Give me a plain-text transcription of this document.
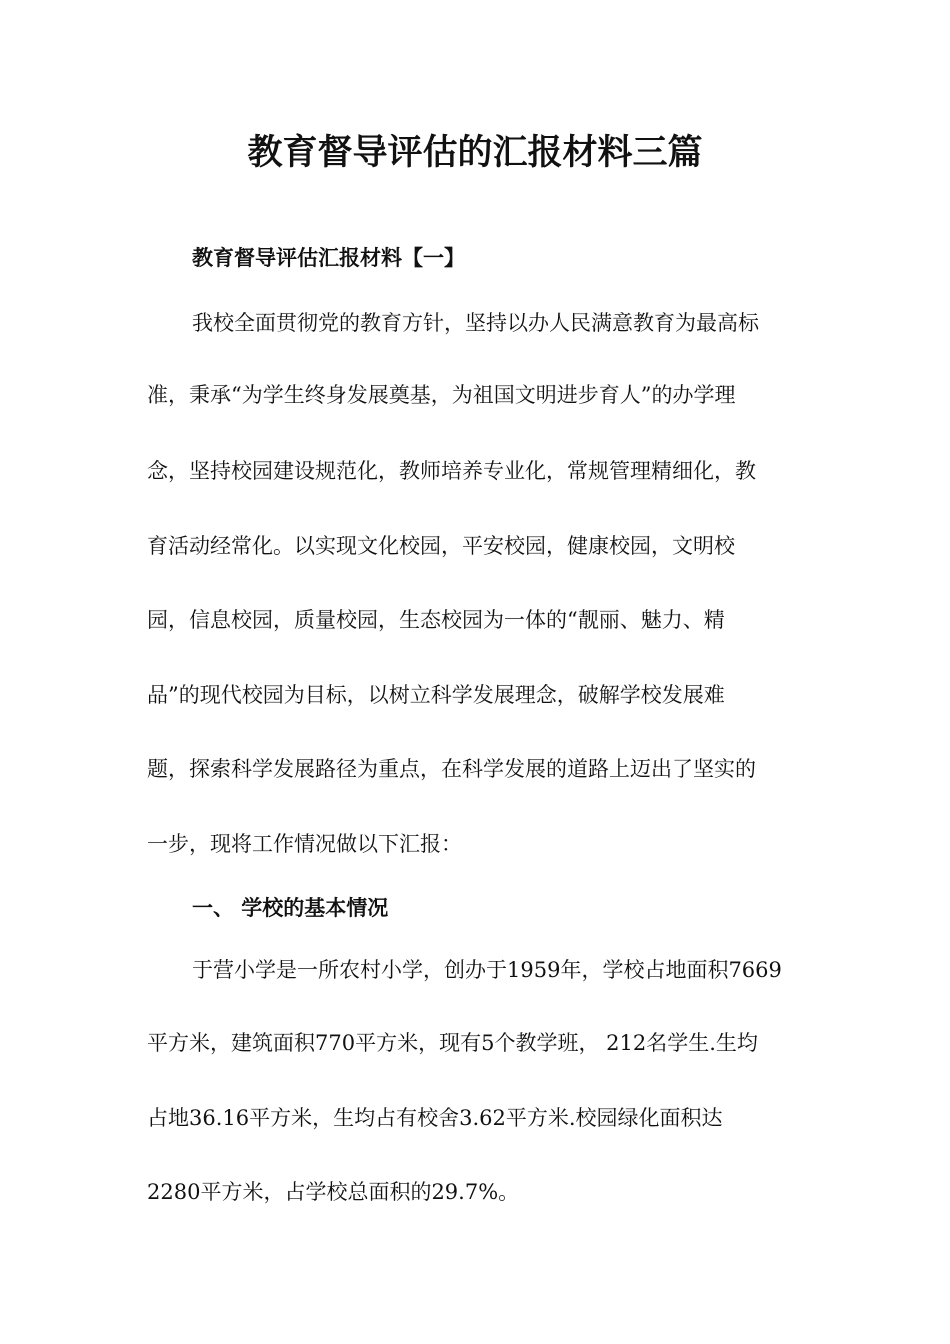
教育督导评估的汇报材料三篇

教育督导评估汇报材料【一】

我校全面贯彻党的教育方针，坚持以办人民满意教育为最高标

准，秉承“为学生终身发展奠基，为祖国文明进步育人”的办学理

念，坚持校园建设规范化，教师培养专业化，常规管理精细化，教

育活动经常化。以实现文化校园，平安校园，健康校园，文明校

园，信息校园，质量校园，生态校园为一体的“靓丽、魅力、精

品”的现代校园为目标，以树立科学发展理念，破解学校发展难

题，探索科学发展路径为重点，在科学发展的道路上迈出了坚实的

一步，现将工作情况做以下汇报：

一、 学校的基本情况

于营小学是一所农村小学，创办于1959年，学校占地面积7669

平方米，建筑面积770平方米，现有5个教学班， 212名学生.生均

占地36.16平方米，生均占有校舍3.62平方米.校园绿化面积达

2280平方米，占学校总面积的29.7%。
